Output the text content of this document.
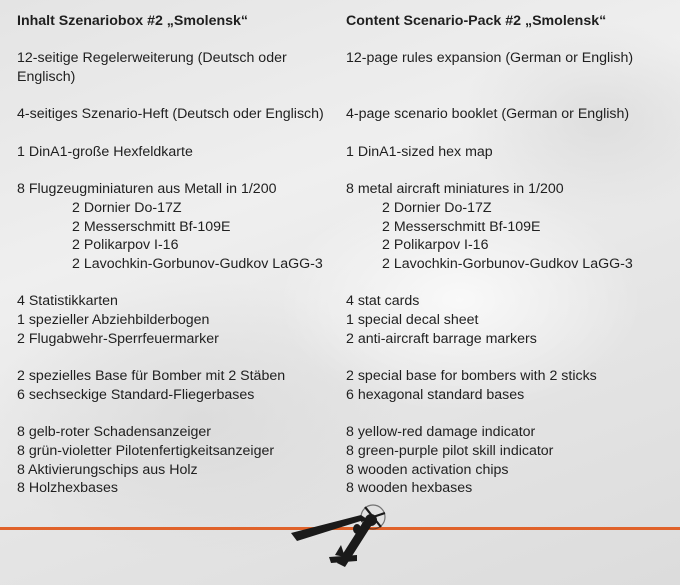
Inhalt Szenariobox #2 „Smolensk“
12-seitige Regelerweiterung (Deutsch oder
Englisch)
4-seitiges Szenario-Heft (Deutsch oder Englisch)
1 DinA1-große Hexfeldkarte
8 Flugzeugminiaturen aus Metall in 1/200
2 Dornier Do-17Z
2 Messerschmitt Bf-109E
2 Polikarpov I-16
2 Lavochkin-Gorbunov-Gudkov LaGG-3
4 Statistikkarten
1 spezieller Abziehbilderbogen
2 Flugabwehr-Sperrfeuermarker
2 spezielles Base für Bomber mit 2 Stäben
6 sechseckige Standard-Fliegerbases
8 gelb-roter Schadensanzeiger
8 grün-violetter Pilotenfertigkeitsanzeiger
8 Aktivierungschips aus Holz
8 Holzhexbases
Content Scenario-Pack #2 „Smolensk“
12-page rules expansion (German or English)
4-page scenario booklet (German or English)
1 DinA1-sized hex map
8 metal aircraft miniatures in 1/200
2 Dornier Do-17Z
2 Messerschmitt Bf-109E
2 Polikarpov I-16
2 Lavochkin-Gorbunov-Gudkov LaGG-3
4 stat cards
1 special decal sheet
2 anti-aircraft barrage markers
2 special base for bombers with 2 sticks
6 hexagonal standard bases
8 yellow-red damage indicator
8 green-purple pilot skill indicator
8 wooden activation chips
8 wooden hexbases
